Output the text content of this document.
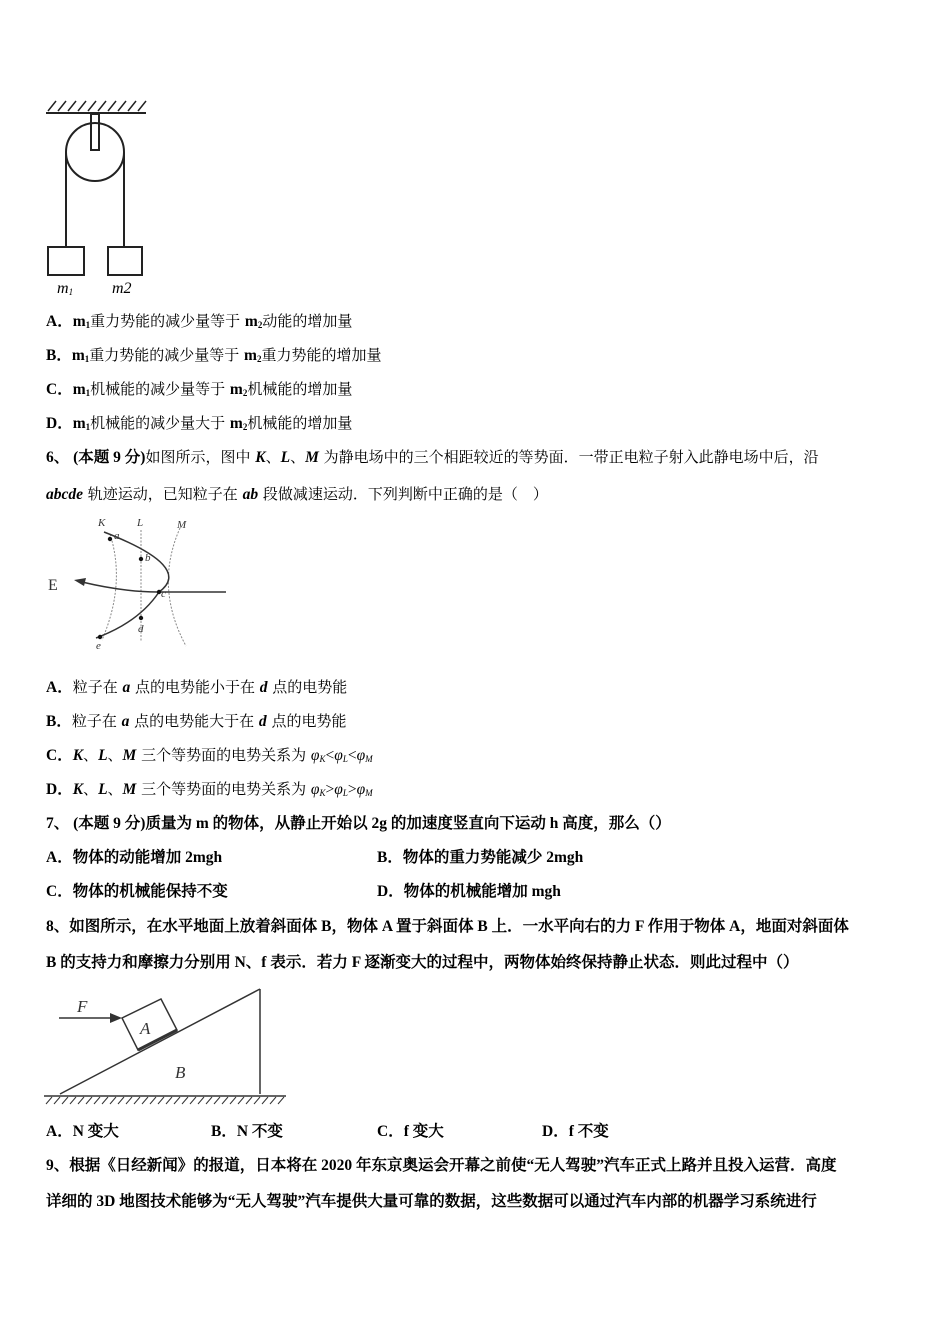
m1 m2
A．$m_1$重力势能的减少量等于 $m_2$动能的增加量
B．$m_1$重力势能的减少量等于 $m_2$重力势能的增加量
C．$m_1$机械能的减少量等于 $m_2$机械能的增加量
D．$m_1$机械能的减少量大于 $m_2$机械能的增加量
6、 (本题 9 分)如图所示，图中 K、L、M 为静电场中的三个相距较近的等势面．一带正电粒子射入此静电场中后，沿
abcde 轨迹运动，已知粒子在 ab 段做减速运动．下列判断中正确的是（　）
K	L	M
a
b
c
d
e
E
A．粒子在 a 点的电势能小于在 d 点的电势能
B．粒子在 a 点的电势能大于在 d 点的电势能
C．K、L、M 三个等势面的电势关系为 $\varphi_K<\varphi_L<\varphi_M$
D．K、L、M 三个等势面的电势关系为 $\varphi_K>\varphi_L>\varphi_M$
7、 (本题 9 分)质量为 m 的物体，从静止开始以 2g 的加速度竖直向下运动 h 高度，那么（）
A．物体的动能增加 2mgh	B．物体的重力势能减少 2mgh
C．物体的机械能保持不变	D．物体的机械能增加 mgh
8、如图所示，在水平地面上放着斜面体 B，物体 A 置于斜面体 B 上．一水平向右的力 F 作用于物体 A，地面对斜面体
B 的支持力和摩擦力分别用 N、f 表示．若力 F 逐渐变大的过程中，两物体始终保持静止状态．则此过程中（）
F
A
B
A．N 变大	B．N 不变	C．f 变大	D．f 不变
9、根据《日经新闻》的报道，日本将在 2020 年东京奥运会开幕之前使“无人驾驶”汽车正式上路并且投入运营．高度
详细的 3D 地图技术能够为“无人驾驶”汽车提供大量可靠的数据，这些数据可以通过汽车内部的机器学习系统进行
